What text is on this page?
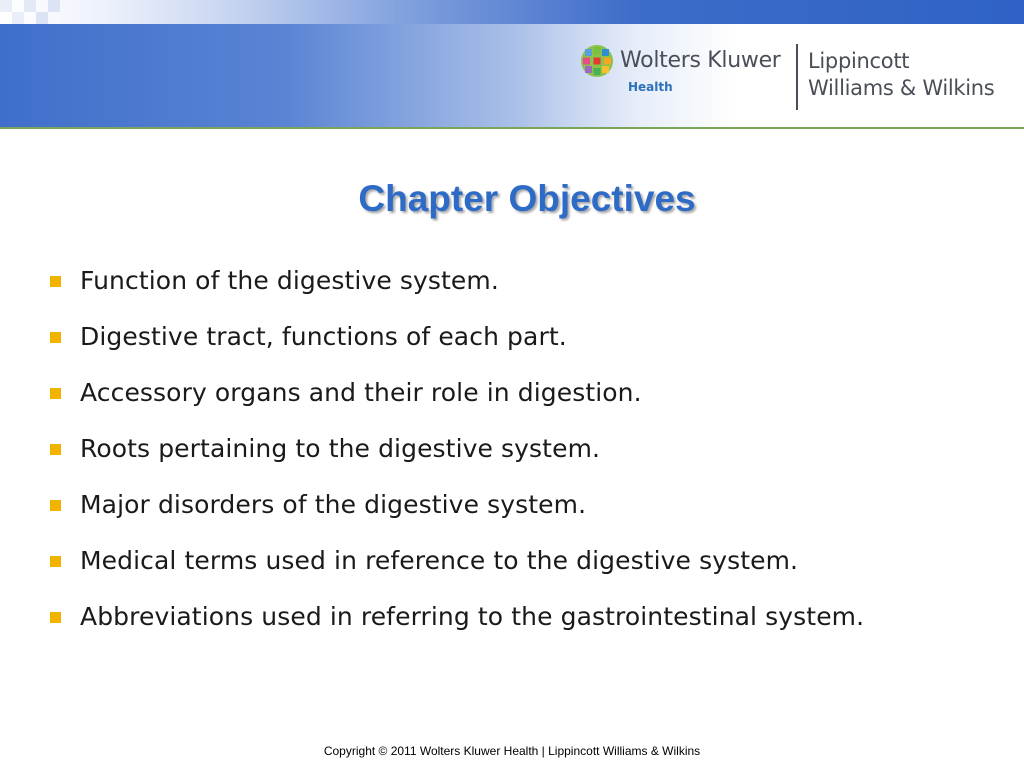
Wolters Kluwer
Health
Lippincott
Williams & Wilkins
Chapter Objectives
Function of the digestive system.
Digestive tract, functions of each part.
Accessory organs and their role in digestion.
Roots pertaining to the digestive system.
Major disorders of the digestive system.
Medical terms used in reference to the digestive system.
Abbreviations used in referring to the gastrointestinal system.
Copyright © 2011 Wolters Kluwer Health | Lippincott Williams & Wilkins
